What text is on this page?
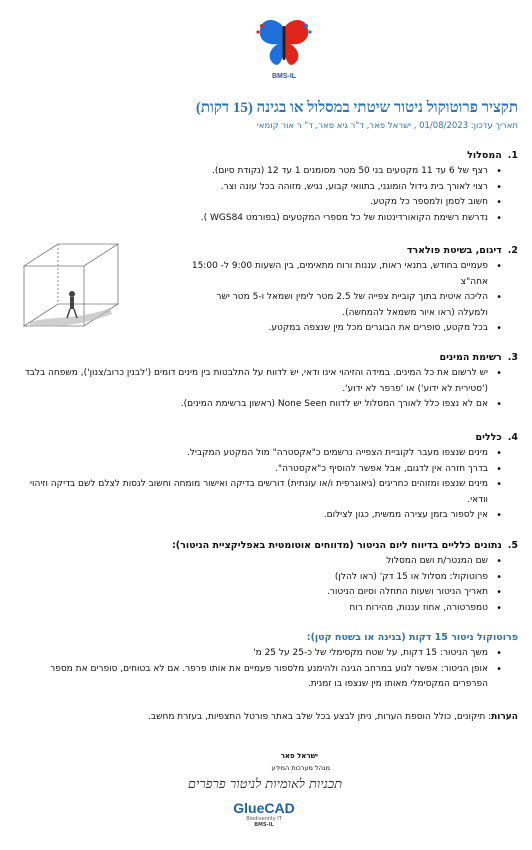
BMS-IL
תקציר פרוטוקול ניטור שיטתי במסלול או בגינה (15 דקות)
תאריך עדכון: 01/08/2023 , ישראל פאר, ד"ר גיא פאר, ד" ר אור קומאי
1.המסלול
• רצף של 6 עד 11 מקטעים בני 50 מטר מסומנים 1 עד 12 (נקודת סיום).
• רצוי לאורך בית גידול הומוגני, בתוואי קבוע, נגיש, מזוהה בכל עונה וצר.
• חשוב לסמן ולמספר כל מקטע.
• נדרשת רשימת הקואורדינטות של כל מספרי המקטעים (בפורמט WGS84 ).
2.דיגום, בשיטת פולארד
• פעמיים בחודש, בתנאי ראות, עננות ורוח מתאימים, בין השעות 9:00 ל- 15:00 אחה"צ
• הליכה איטית בתוך קוביית צפייה של 2.5 מטר לימין ושמאל ו-5 מטר ישר ולמעלה (ראו איור משמאל להמחשה).
• בכל מקטע, סופרים את הבוגרים מכל מין שנצפה במקטע.
3.רשימת המינים
• יש לרשום את כל המינים. במידה והזיהוי אינו ודאי, יש לדווח על התלבטות בין מינים דומים ('לבנין כרוב/צנון'), משפחה בלבד ('סטירית לא ידוע') או 'פרפר לא ידוע'.
• אם לא נצפו כלל לאורך המסלול יש לדווח None Seen (ראשון ברשימת המינים).
4.כללים
• מינים שנצפו מעבר לקוביית הצפייה נרשמים כ"אקסטרה" מול המקטע המקביל.
• בדרך חזרה אין לדגום, אבל אפשר להוסיף כ"אקסטרה".
• מינים שנצפו ומזוהים כחריגים (גיאוגרפית ו/או עונתית) דורשים בדיקה ואישור מומחה וחשוב לנסות לצלם לשם בדיקה וזיהוי וודאי.
• אין לספור בזמן עצירה ממשית, כגון לצילום.
5.נתונים כלליים בדיווח ליום הניטור (מדווחים אוטומטית באפליקציית הניטור):
• שם המנטר/ת ושם המסלול
• פרוטוקול: מסלול או 15 דק' (ראו להלן)
• תאריך הניטור ושעות התחלה וסיום הניטור.
• טמפרטורה, אחוז עננות, מהירות רוח
פרוטוקול ניטור 15 דקות (בגינה או בשטח קטן):
• משך הניטור: 15 דקות, על שטח מקסימלי של כ-25 על 25 מ'
• אופן הניטור: אפשר לנוע במרחב הגינה ולהימנע מלספור פעמיים את אותו פרפר. אם לא בטוחים, סופרים את מספר הפרפרים המקסימלי מאותו מין שנצפו בו זמנית.
הערות: תיקונים, כולל הוספת הערות, ניתן לבצע בכל שלב באתר פורטל התצפיות, בעזרת מחשב.
ישראל פאר
מנהל מערכות המידע
תכניות לאומיות לניטור פרפרים
GlueCAD
Biodiversity IT
BMS-IL
